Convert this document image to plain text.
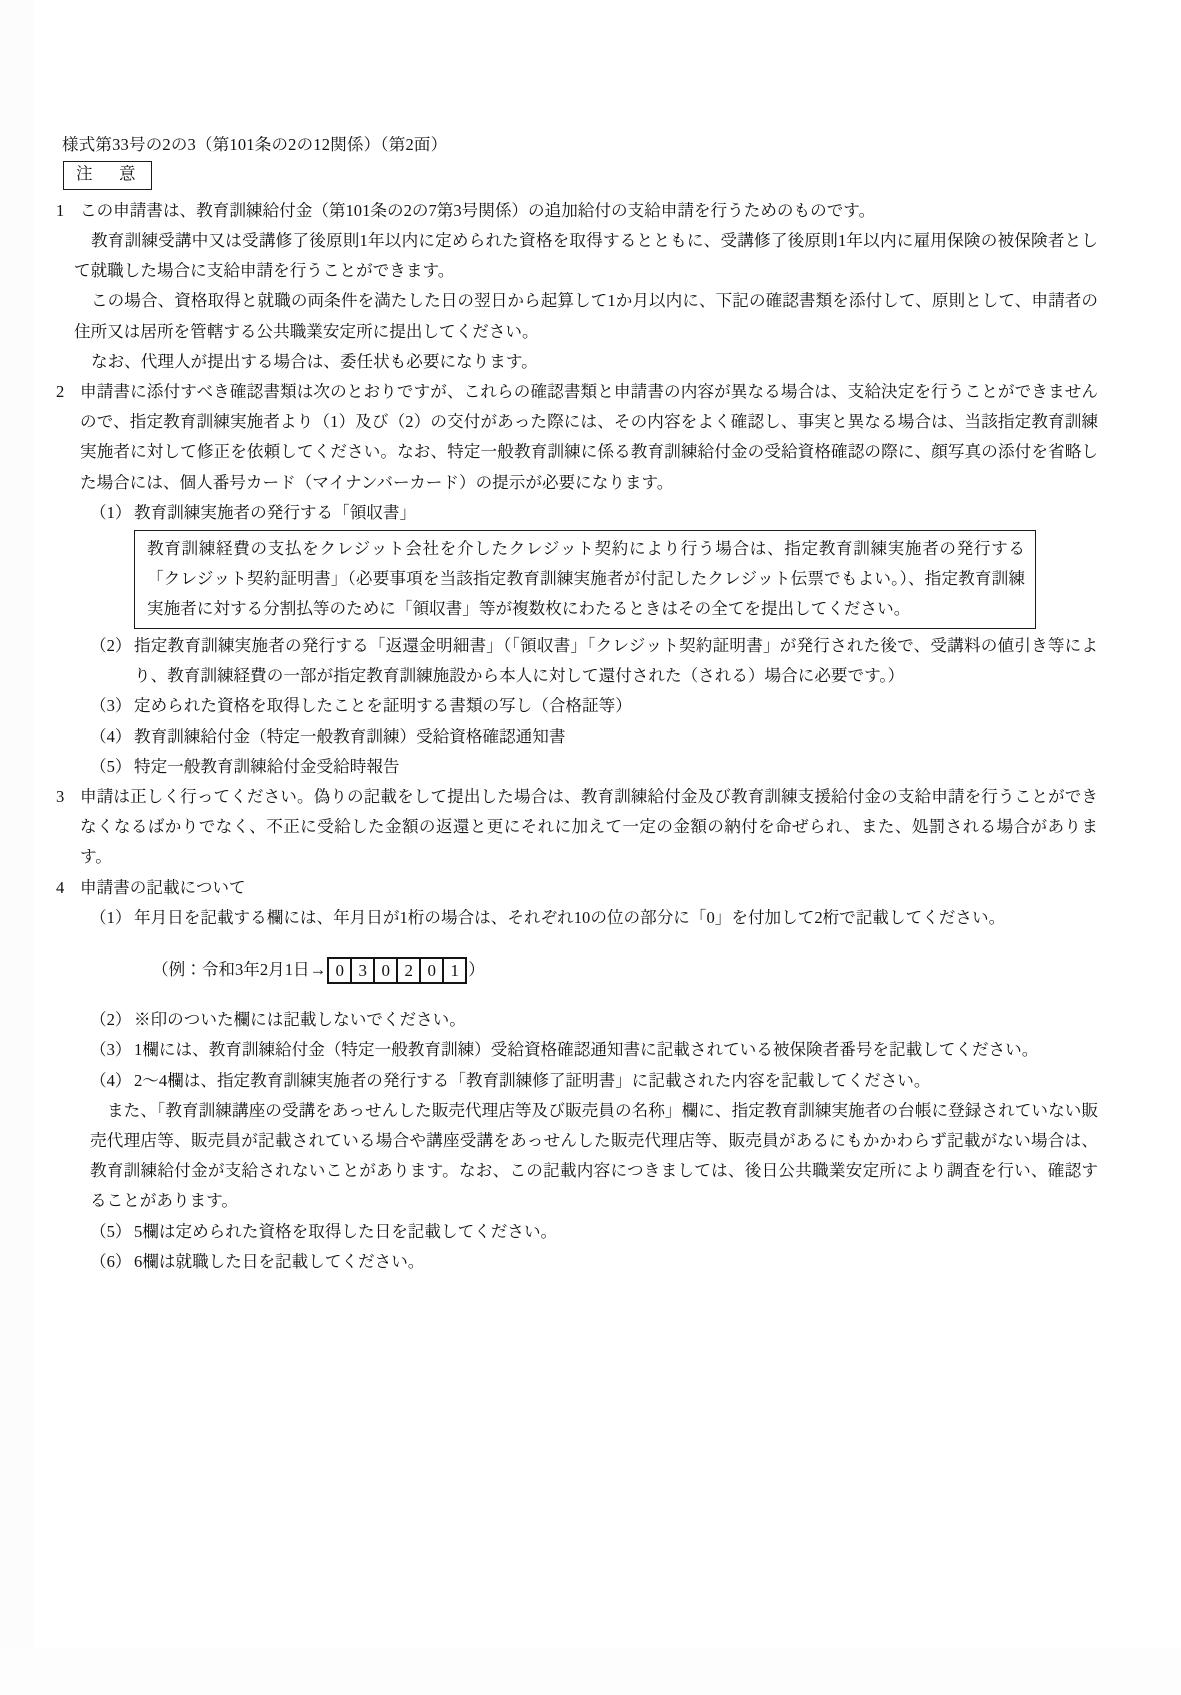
様式第33号の2の3（第101条の2の12関係）（第2面）
注　意
1 この申請書は、教育訓練給付金（第101条の2の7第3号関係）の追加給付の支給申請を行うためのものです。

教育訓練受講中又は受講修了後原則1年以内に定められた資格を取得するとともに、受講修了後原則1年以内に雇用保険の被保険者として就職した場合に支給申請を行うことができます。

この場合、資格取得と就職の両条件を満たした日の翌日から起算して1か月以内に、下記の確認書類を添付して、原則として、申請者の住所又は居所を管轄する公共職業安定所に提出してください。

なお、代理人が提出する場合は、委任状も必要になります。

2 申請書に添付すべき確認書類は次のとおりですが、これらの確認書類と申請書の内容が異なる場合は、支給決定を行うことができませんので、指定教育訓練実施者より（1）及び（2）の交付があった際には、その内容をよく確認し、事実と異なる場合は、当該指定教育訓練実施者に対して修正を依頼してください。なお、特定一般教育訓練に係る教育訓練給付金の受給資格確認の際に、顔写真の添付を省略した場合には、個人番号カード（マイナンバーカード）の提示が必要になります。

（1） 教育訓練実施者の発行する「領収書」
教育訓練経費の支払をクレジット会社を介したクレジット契約により行う場合は、指定教育訓練実施者の発行する「クレジット契約証明書」（必要事項を当該指定教育訓練実施者が付記したクレジット伝票でもよい。）、指定教育訓練実施者に対する分割払等のために「領収書」等が複数枚にわたるときはその全てを提出してください。
（2） 指定教育訓練実施者の発行する「返還金明細書」（「領収書」「クレジット契約証明書」が発行された後で、受講料の値引き等により、教育訓練経費の一部が指定教育訓練施設から本人に対して還付された（される）場合に必要です。）
（3） 定められた資格を取得したことを証明する書類の写し（合格証等）
（4） 教育訓練給付金（特定一般教育訓練）受給資格確認通知書
（5） 特定一般教育訓練給付金受給時報告
3 申請は正しく行ってください。偽りの記載をして提出した場合は、教育訓練給付金及び教育訓練支援給付金の支給申請を行うことができなくなるばかりでなく、不正に受給した金額の返還と更にそれに加えて一定の金額の納付を命ぜられ、また、処罰される場合があります。

4 申請書の記載について

（1） 年月日を記載する欄には、年月日が1桁の場合は、それぞれ10の位の部分に「0」を付加して2桁で記載してください。
（例：令和3年2月1日→ 0 3 0 2 0 1 ）
（2） ※印のついた欄には記載しないでください。
（3） 1欄には、教育訓練給付金（特定一般教育訓練）受給資格確認通知書に記載されている被保険者番号を記載してください。
（4） 2～4欄は、指定教育訓練実施者の発行する「教育訓練修了証明書」に記載された内容を記載してください。

また、「教育訓練講座の受講をあっせんした販売代理店等及び販売員の名称」欄に、指定教育訓練実施者の台帳に登録されていない販売代理店等、販売員が記載されている場合や講座受講をあっせんした販売代理店等、販売員があるにもかかわらず記載がない場合は、教育訓練給付金が支給されないことがあります。なお、この記載内容につきましては、後日公共職業安定所により調査を行い、確認することがあります。

（5） 5欄は定められた資格を取得した日を記載してください。
（6） 6欄は就職した日を記載してください。
